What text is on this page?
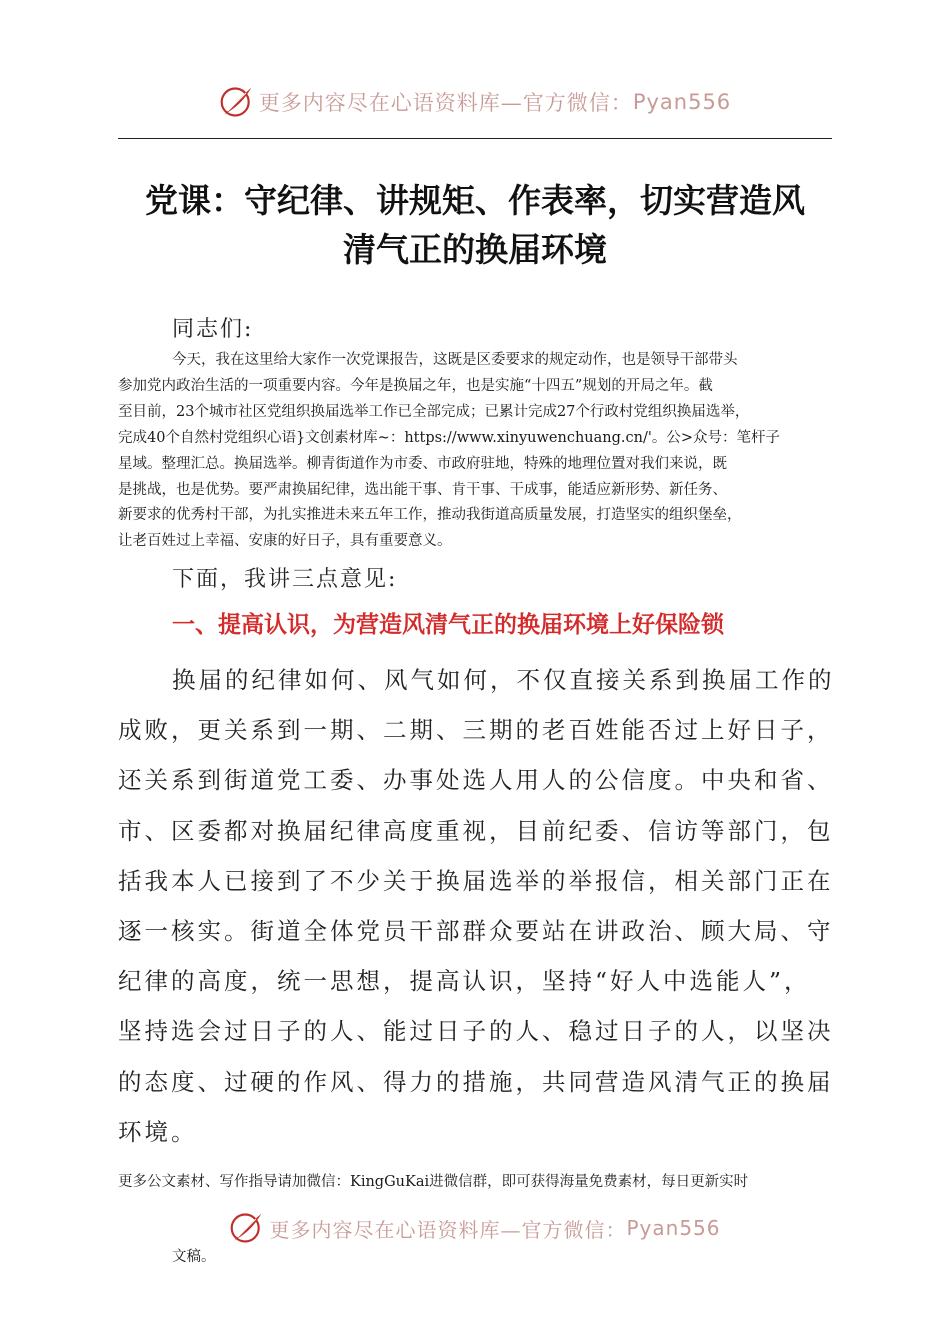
更多内容尽在心语资料库—官方微信： Pyan556
党课：守纪律、讲规矩、作表率，切实营造风
清气正的换届环境
同志们:
今天，我在这里给大家作一次党课报告，这既是区委要求的规定动作，也是领导干部带头
参加党内政治生活的一项重要内容。今年是换届之年，也是实施“十四五”规划的开局之年。截
至目前，23个城市社区党组织换届选举工作已全部完成；已累计完成27个行政村党组织换届选举，
完成40个自然村党组织心语}文创素材库~：https://www.xinyuwenchuang.cn/'。公>众号：笔杆子
星域。整理汇总。换届选举。柳青街道作为市委、市政府驻地，特殊的地理位置对我们来说，既
是挑战，也是优势。要严肃换届纪律，选出能干事、肯干事、干成事，能适应新形势、新任务、
新要求的优秀村干部，为扎实推进未来五年工作，推动我街道高质量发展，打造坚实的组织堡垒，
让老百姓过上幸福、安康的好日子，具有重要意义。
下面，我讲三点意见:
一、提高认识，为营造风清气正的换届环境上好保险锁
换届的纪律如何、风气如何，不仅直接关系到换届工作的
成败，更关系到一期、二期、三期的老百姓能否过上好日子，
还关系到街道党工委、办事处选人用人的公信度。中央和省、
市、区委都对换届纪律高度重视，目前纪委、信访等部门，包
括我本人已接到了不少关于换届选举的举报信，相关部门正在
逐一核实。街道全体党员干部群众要站在讲政治、顾大局、守
纪律的高度，统一思想，提高认识，坚持“好人中选能人”，
坚持选会过日子的人、能过日子的人、稳过日子的人，以坚决
的态度、过硬的作风、得力的措施，共同营造风清气正的换届
环境。
更多公文素材、写作指导请加微信：KingGuKai进微信群，即可获得海量免费素材，每日更新实时
更多内容尽在心语资料库—官方微信： Pyan556
文稿。
